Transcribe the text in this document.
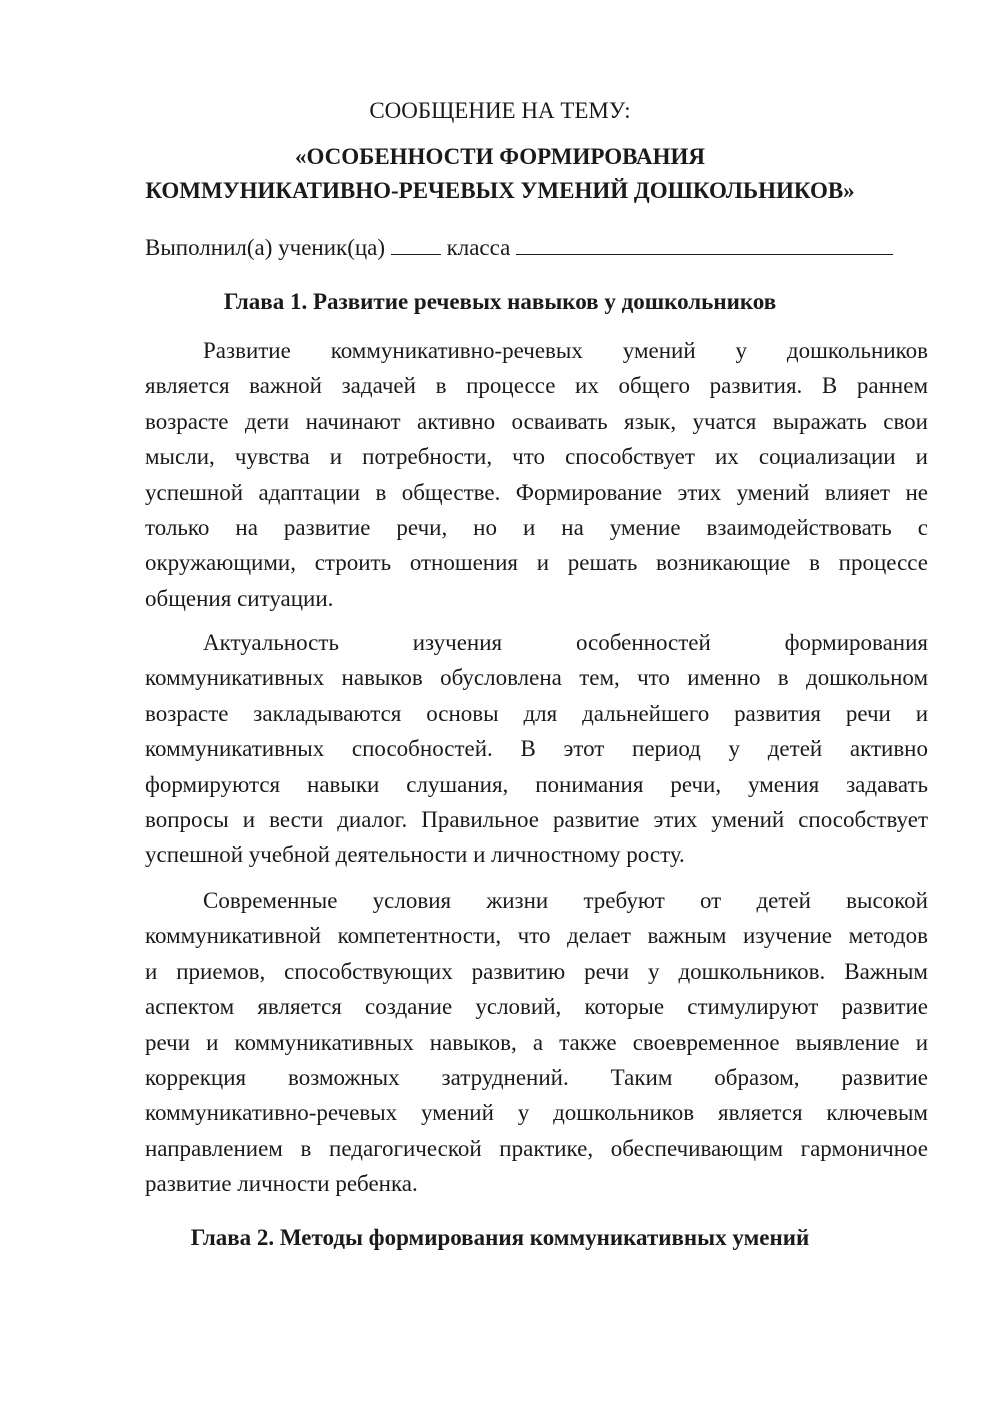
СООБЩЕНИЕ НА ТЕМУ:
«ОСОБЕННОСТИ ФОРМИРОВАНИЯ
КОММУНИКАТИВНО-РЕЧЕВЫХ УМЕНИЙ ДОШКОЛЬНИКОВ»
Выполнил(а) ученик(ца)	класса
Глава 1. Развитие речевых навыков у дошкольников
Развитие коммуникативно-речевых умений у дошкольников
является важной задачей в процессе их общего развития. В раннем
возрасте дети начинают активно осваивать язык, учатся выражать свои
мысли, чувства и потребности, что способствует их социализации и
успешной адаптации в обществе. Формирование этих умений влияет не
только на развитие речи, но и на умение взаимодействовать с
окружающими, строить отношения и решать возникающие в процессе
общения ситуации.
Актуальность изучения особенностей формирования
коммуникативных навыков обусловлена тем, что именно в дошкольном
возрасте закладываются основы для дальнейшего развития речи и
коммуникативных способностей. В этот период у детей активно
формируются навыки слушания, понимания речи, умения задавать
вопросы и вести диалог. Правильное развитие этих умений способствует
успешной учебной деятельности и личностному росту.
Современные условия жизни требуют от детей высокой
коммуникативной компетентности, что делает важным изучение методов
и приемов, способствующих развитию речи у дошкольников. Важным
аспектом является создание условий, которые стимулируют развитие
речи и коммуникативных навыков, а также своевременное выявление и
коррекция возможных затруднений. Таким образом, развитие
коммуникативно-речевых умений у дошкольников является ключевым
направлением в педагогической практике, обеспечивающим гармоничное
развитие личности ребенка.
Глава 2. Методы формирования коммуникативных умений
